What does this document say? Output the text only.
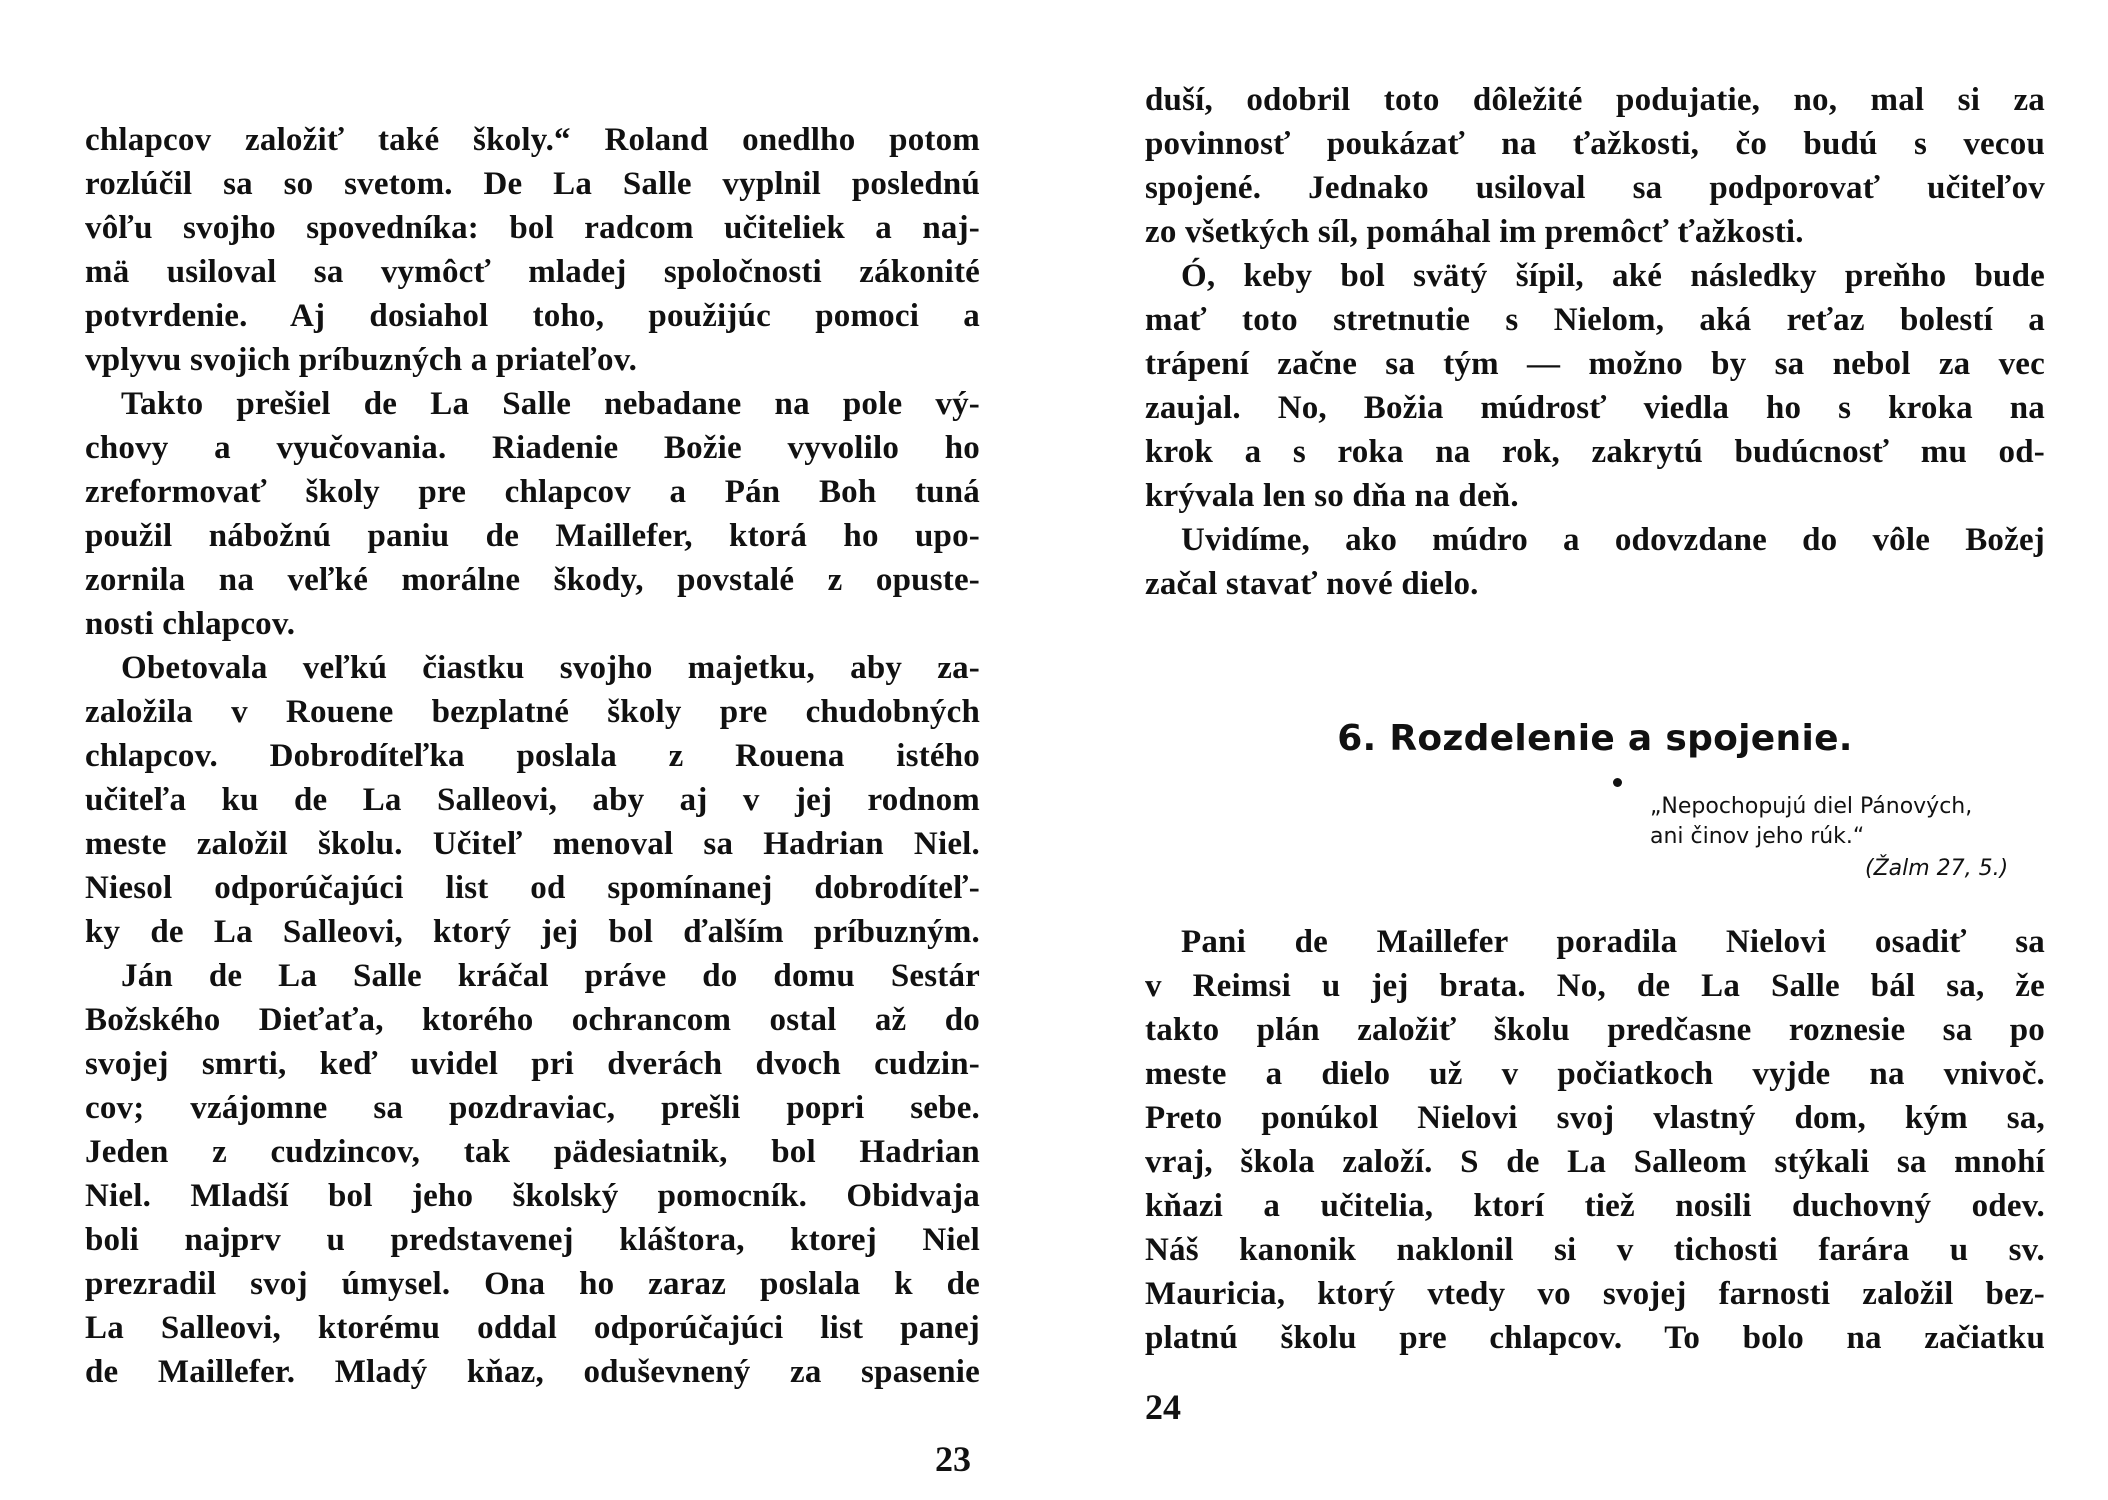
chlapcov založiť také školy.“ Roland onedlho potom
rozlúčil sa so svetom. De La Salle vyplnil poslednú
vôľu svojho spovedníka: bol radcom učiteliek a naj-
mä usiloval sa vymôcť mladej spoločnosti zákonité
potvrdenie. Aj dosiahol toho, použijúc pomoci a
vplyvu svojich príbuzných a priateľov.
Takto prešiel de La Salle nebadane na pole vý-
chovy a vyučovania. Riadenie Božie vyvolilo ho
zreformovať školy pre chlapcov a Pán Boh tuná
použil nábožnú paniu de Maillefer, ktorá ho upo-
zornila na veľké morálne škody, povstalé z opuste-
nosti chlapcov.
Obetovala veľkú čiastku svojho majetku, aby za-
založila v Rouene bezplatné školy pre chudobných
chlapcov. Dobrodíteľka poslala z Rouena istého
učiteľa ku de La Salleovi, aby aj v jej rodnom
meste založil školu. Učiteľ menoval sa Hadrian Niel.
Niesol odporúčajúci list od spomínanej dobrodíteľ-
ky de La Salleovi, ktorý jej bol ďalším príbuzným.
Ján de La Salle kráčal práve do domu Sestár
Božského Dieťaťa, ktorého ochrancom ostal až do
svojej smrti, keď uvidel pri dverách dvoch cudzin-
cov; vzájomne sa pozdraviac, prešli popri sebe.
Jeden z cudzincov, tak pädesiatnik, bol Hadrian
Niel. Mladší bol jeho školský pomocník. Obidvaja
boli najprv u predstavenej kláštora, ktorej Niel
prezradil svoj úmysel. Ona ho zaraz poslala k de
La Salleovi, ktorému oddal odporúčajúci list panej
de Maillefer. Mladý kňaz, oduševnený za spasenie
23
duší, odobril toto dôležité podujatie, no, mal si za
povinnosť poukázať na ťažkosti, čo budú s vecou
spojené. Jednako usiloval sa podporovať učiteľov
zo všetkých síl, pomáhal im premôcť ťažkosti.
Ó, keby bol svätý šípil, aké následky preňho bude
mať toto stretnutie s Nielom, aká reťaz bolestí a
trápení začne sa tým — možno by sa nebol za vec
zaujal. No, Božia múdrosť viedla ho s kroka na
krok a s roka na rok, zakrytú budúcnosť mu od-
krývala len so dňa na deň.
Uvidíme, ako múdro a odovzdane do vôle Božej
začal stavať nové dielo.
6. Rozdelenie a spojenie.
„Nepochopujú diel Pánových,
ani činov jeho rúk.“
(Žalm 27, 5.)
Pani de Maillefer poradila Nielovi osadiť sa
v Reimsi u jej brata. No, de La Salle bál sa, že
takto plán založiť školu predčasne roznesie sa po
meste a dielo už v počiatkoch vyjde na vnivoč.
Preto ponúkol Nielovi svoj vlastný dom, kým sa,
vraj, škola založí. S de La Salleom stýkali sa mnohí
kňazi a učitelia, ktorí tiež nosili duchovný odev.
Náš kanonik naklonil si v tichosti farára u sv.
Mauricia, ktorý vtedy vo svojej farnosti založil bez-
platnú školu pre chlapcov. To bolo na začiatku
24
